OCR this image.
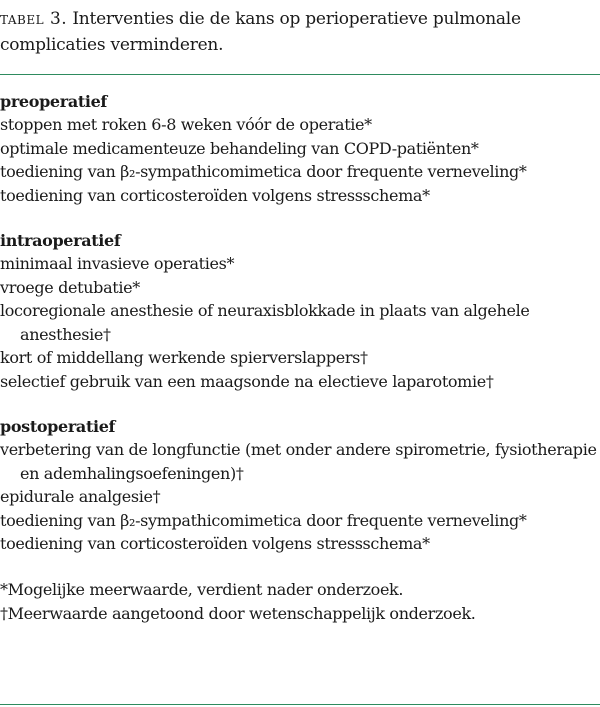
tabel 3. Interventies die de kans op perioperatieve pulmonale complicaties verminderen.
preoperatief
stoppen met roken 6-8 weken vóór de operatie*
optimale medicamenteuze behandeling van COPD-patiënten*
toediening van β₂-sympathicomimetica door frequente verneveling*
toediening van corticosteroïden volgens stressschema*
intraoperatief
minimaal invasieve operaties*
vroege detubatie*
locoregionale anesthesie of neuraxisblokkade in plaats van algehele anesthesie†
kort of middellang werkende spierverslappers†
selectief gebruik van een maagsonde na electieve laparotomie†
postoperatief
verbetering van de longfunctie (met onder andere spirometrie, fysiotherapie en ademhalingsoefeningen)†
epidurale analgesie†
toediening van β₂-sympathicomimetica door frequente verneveling*
toediening van corticosteroïden volgens stressschema*
*Mogelijke meerwaarde, verdient nader onderzoek.
†Meerwaarde aangetoond door wetenschappelijk onderzoek.
